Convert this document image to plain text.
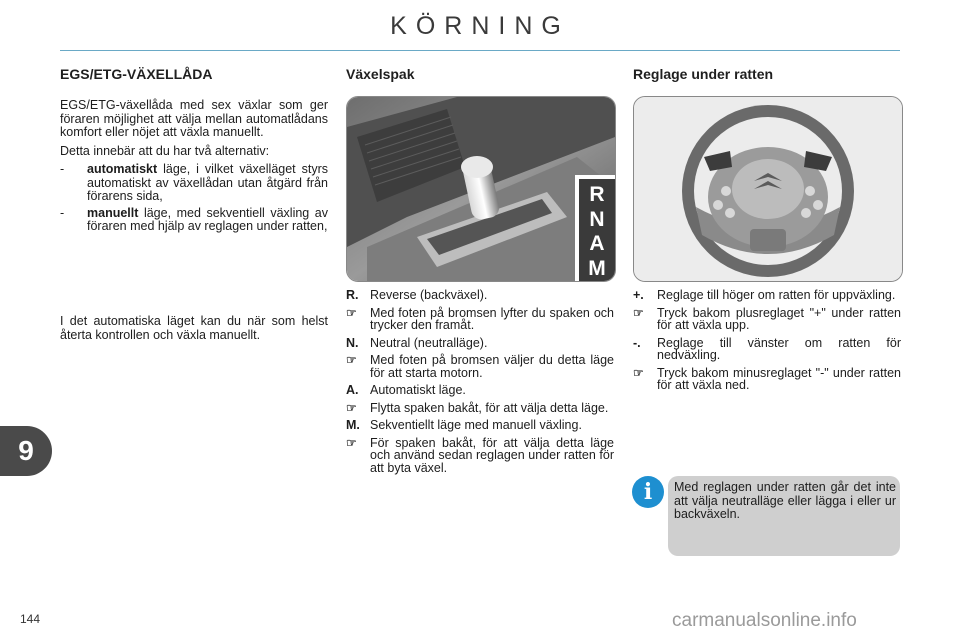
KÖRNING
EGS/ETG-VÄXELLÅDA

EGS/ETG-växellåda med sex växlar som ger föraren möjlighet att välja mellan automatlådans komfort eller nöjet att växla manuellt.

Detta innebär att du har två alternativ:

-	automatiskt läge, i vilket växelläget styrs automatiskt av växellådan utan åtgärd från förarens sida,
-	manuellt läge, med sekventiell växling av föraren med hjälp av reglagen under ratten,

I det automatiska läget kan du när som helst återta kontrollen och växla manuellt.

Växelspak
R
N
A
M
R. Reverse (backväxel).
☞	Med foten på bromsen lyfter du spaken och trycker den framåt.
N. Neutral (neutralläge).
☞	Med foten på bromsen väljer du detta läge för att starta motorn.
A. Automatiskt läge.
☞	Flytta spaken bakåt, för att välja detta läge.
M. Sekventiellt läge med manuell växling.
☞	För spaken bakåt, för att välja detta läge och använd sedan reglagen under ratten för att byta växel.
Reglage under ratten
+.	Reglage till höger om ratten för uppväxling.
☞	Tryck bakom plusreglaget "+" under ratten för att växla upp.
-.	Reglage till vänster om ratten för nedväxling.
☞	Tryck bakom minusreglaget "-" under ratten för att växla ned.
i	Med reglagen under ratten går det inte att välja neutralläge eller lägga i eller ur backväxeln.
9
144	carmanualsonline.info
